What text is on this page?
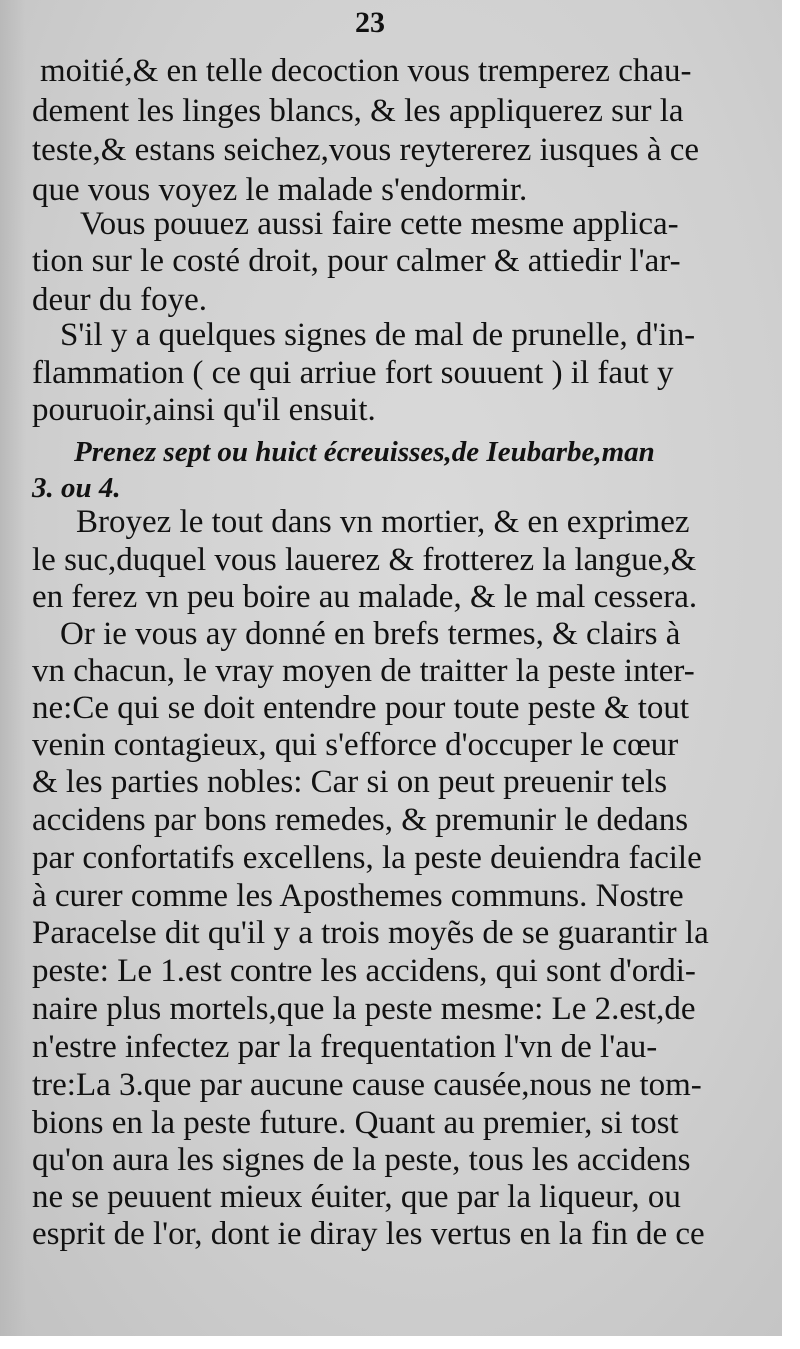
23
moitié,& en telle decoction vous tremperez chau-
dement les linges blancs, & les appliquerez sur la
teste,& estans seichez,vous reytererez iusques à ce
que vous voyez le malade s'endormir.
Vous pouuez aussi faire cette mesme applica-
tion sur le costé droit, pour calmer & attiedir l'ar-
deur du foye.
S'il y a quelques signes de mal de prunelle, d'in-
flammation ( ce qui arriue fort souuent ) il faut y
pouruoir,ainsi qu'il ensuit.
Prenez sept ou huict écreuisses,de Ieubarbe,man
3. ou 4.
Broyez le tout dans vn mortier, & en exprimez
le suc,duquel vous lauerez & frotterez la langue,&
en ferez vn peu boire au malade, & le mal cessera.
Or ie vous ay donné en brefs termes, & clairs à
vn chacun, le vray moyen de traitter la peste inter-
ne:Ce qui se doit entendre pour toute peste & tout
venin contagieux, qui s'efforce d'occuper le cœur
& les parties nobles: Car si on peut preuenir tels
accidens par bons remedes, & premunir le dedans
par confortatifs excellens, la peste deuiendra facile
à curer comme les Aposthemes communs. Nostre
Paracelse dit qu'il y a trois moyẽs de se guarantir la
peste: Le 1.est contre les accidens, qui sont d'ordi-
naire plus mortels,que la peste mesme: Le 2.est,de
n'estre infectez par la frequentation l'vn de l'au-
tre:La 3.que par aucune cause causée,nous ne tom-
bions en la peste future. Quant au premier, si tost
qu'on aura les signes de la peste, tous les accidens
ne se peuuent mieux éuiter, que par la liqueur, ou
esprit de l'or, dont ie diray les vertus en la fin de ce
